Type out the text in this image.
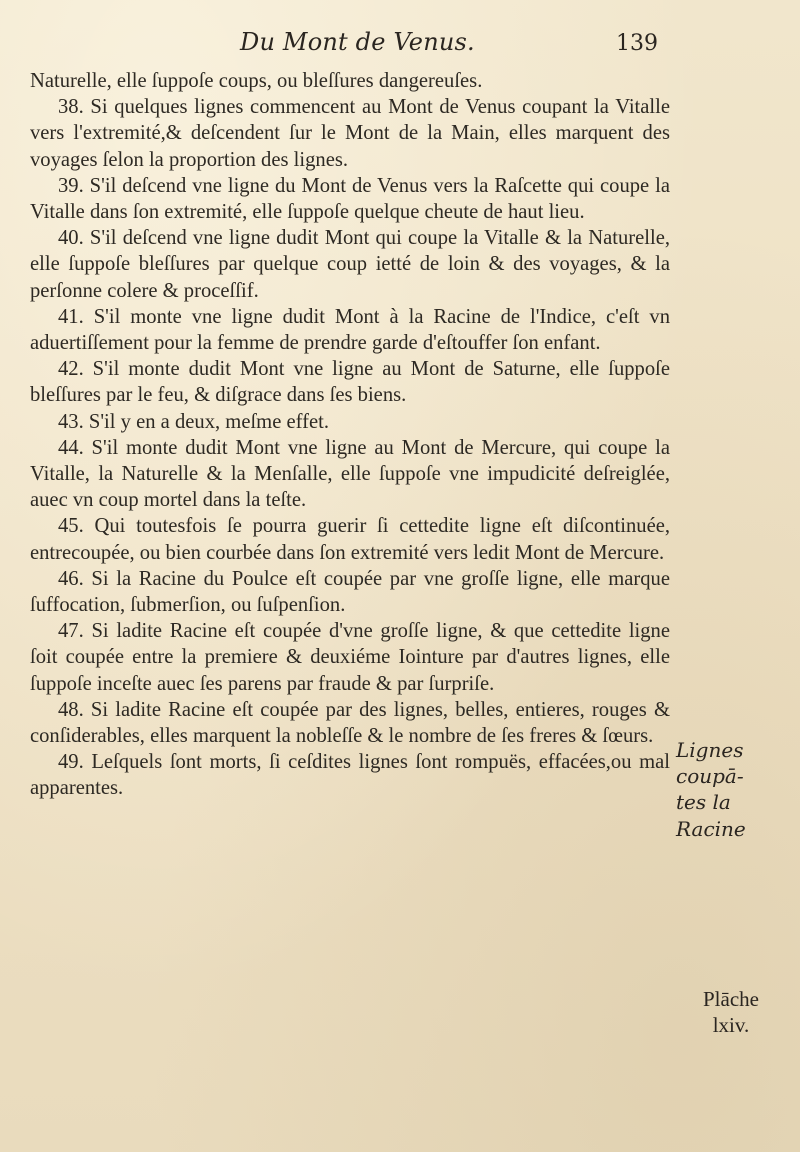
Du Mont de Venus.	139

Naturelle, elle ſuppoſe coups, ou bleſſures dangereuſes.

38. Si quelques lignes commencent au Mont de Venus coupant la Vitalle vers l'extremité,& deſcendent ſur le Mont de la Main, elles marquent des voyages ſelon la proportion des lignes.

39. S'il deſcend vne ligne du Mont de Venus vers la Raſcette qui coupe la Vitalle dans ſon extremité, elle ſuppoſe quelque cheute de haut lieu.

40. S'il deſcend vne ligne dudit Mont qui coupe la Vitalle & la Naturelle, elle ſuppoſe bleſſures par quelque coup ietté de loin & des voyages, & la perſonne colere & proceſſif.

41. S'il monte vne ligne dudit Mont à la Racine de l'Indice, c'eſt vn aduertiſſement pour la femme de prendre garde d'eſtouffer ſon enfant.

42. S'il monte dudit Mont vne ligne au Mont de Saturne, elle ſuppoſe bleſſures par le feu, & diſgrace dans ſes biens.

43. S'il y en a deux, meſme effet.

44. S'il monte dudit Mont vne ligne au Mont de Mercure, qui coupe la Vitalle, la Naturelle & la Menſalle, elle ſuppoſe vne impudicité deſreiglée, auec vn coup mortel dans la teſte.

45. Qui toutesfois ſe pourra guerir ſi cettedite ligne eſt diſcontinuée, entrecoupée, ou bien courbée dans ſon extremité vers ledit Mont de Mercure.

46. Si la Racine du Poulce eſt coupée par vne groſſe ligne, elle marque ſuffocation, ſubmerſion, ou ſuſpenſion.

47. Si ladite Racine eſt coupée d'vne groſſe ligne, & que cettedite ligne ſoit coupée entre la premiere & deuxiéme Iointure par d'autres lignes, elle ſuppoſe inceſte auec ſes parens par fraude & par ſurpriſe.

48. Si ladite Racine eſt coupée par des lignes, belles, entieres, rouges & conſiderables, elles marquent la nobleſſe & le nombre de ſes freres & ſœurs.

49. Leſquels ſont morts, ſi ceſdites lignes ſont rompuës, effacées,ou mal apparentes.

Lignes
coupā-
tes la
Racine
Plāche
lxiv.
